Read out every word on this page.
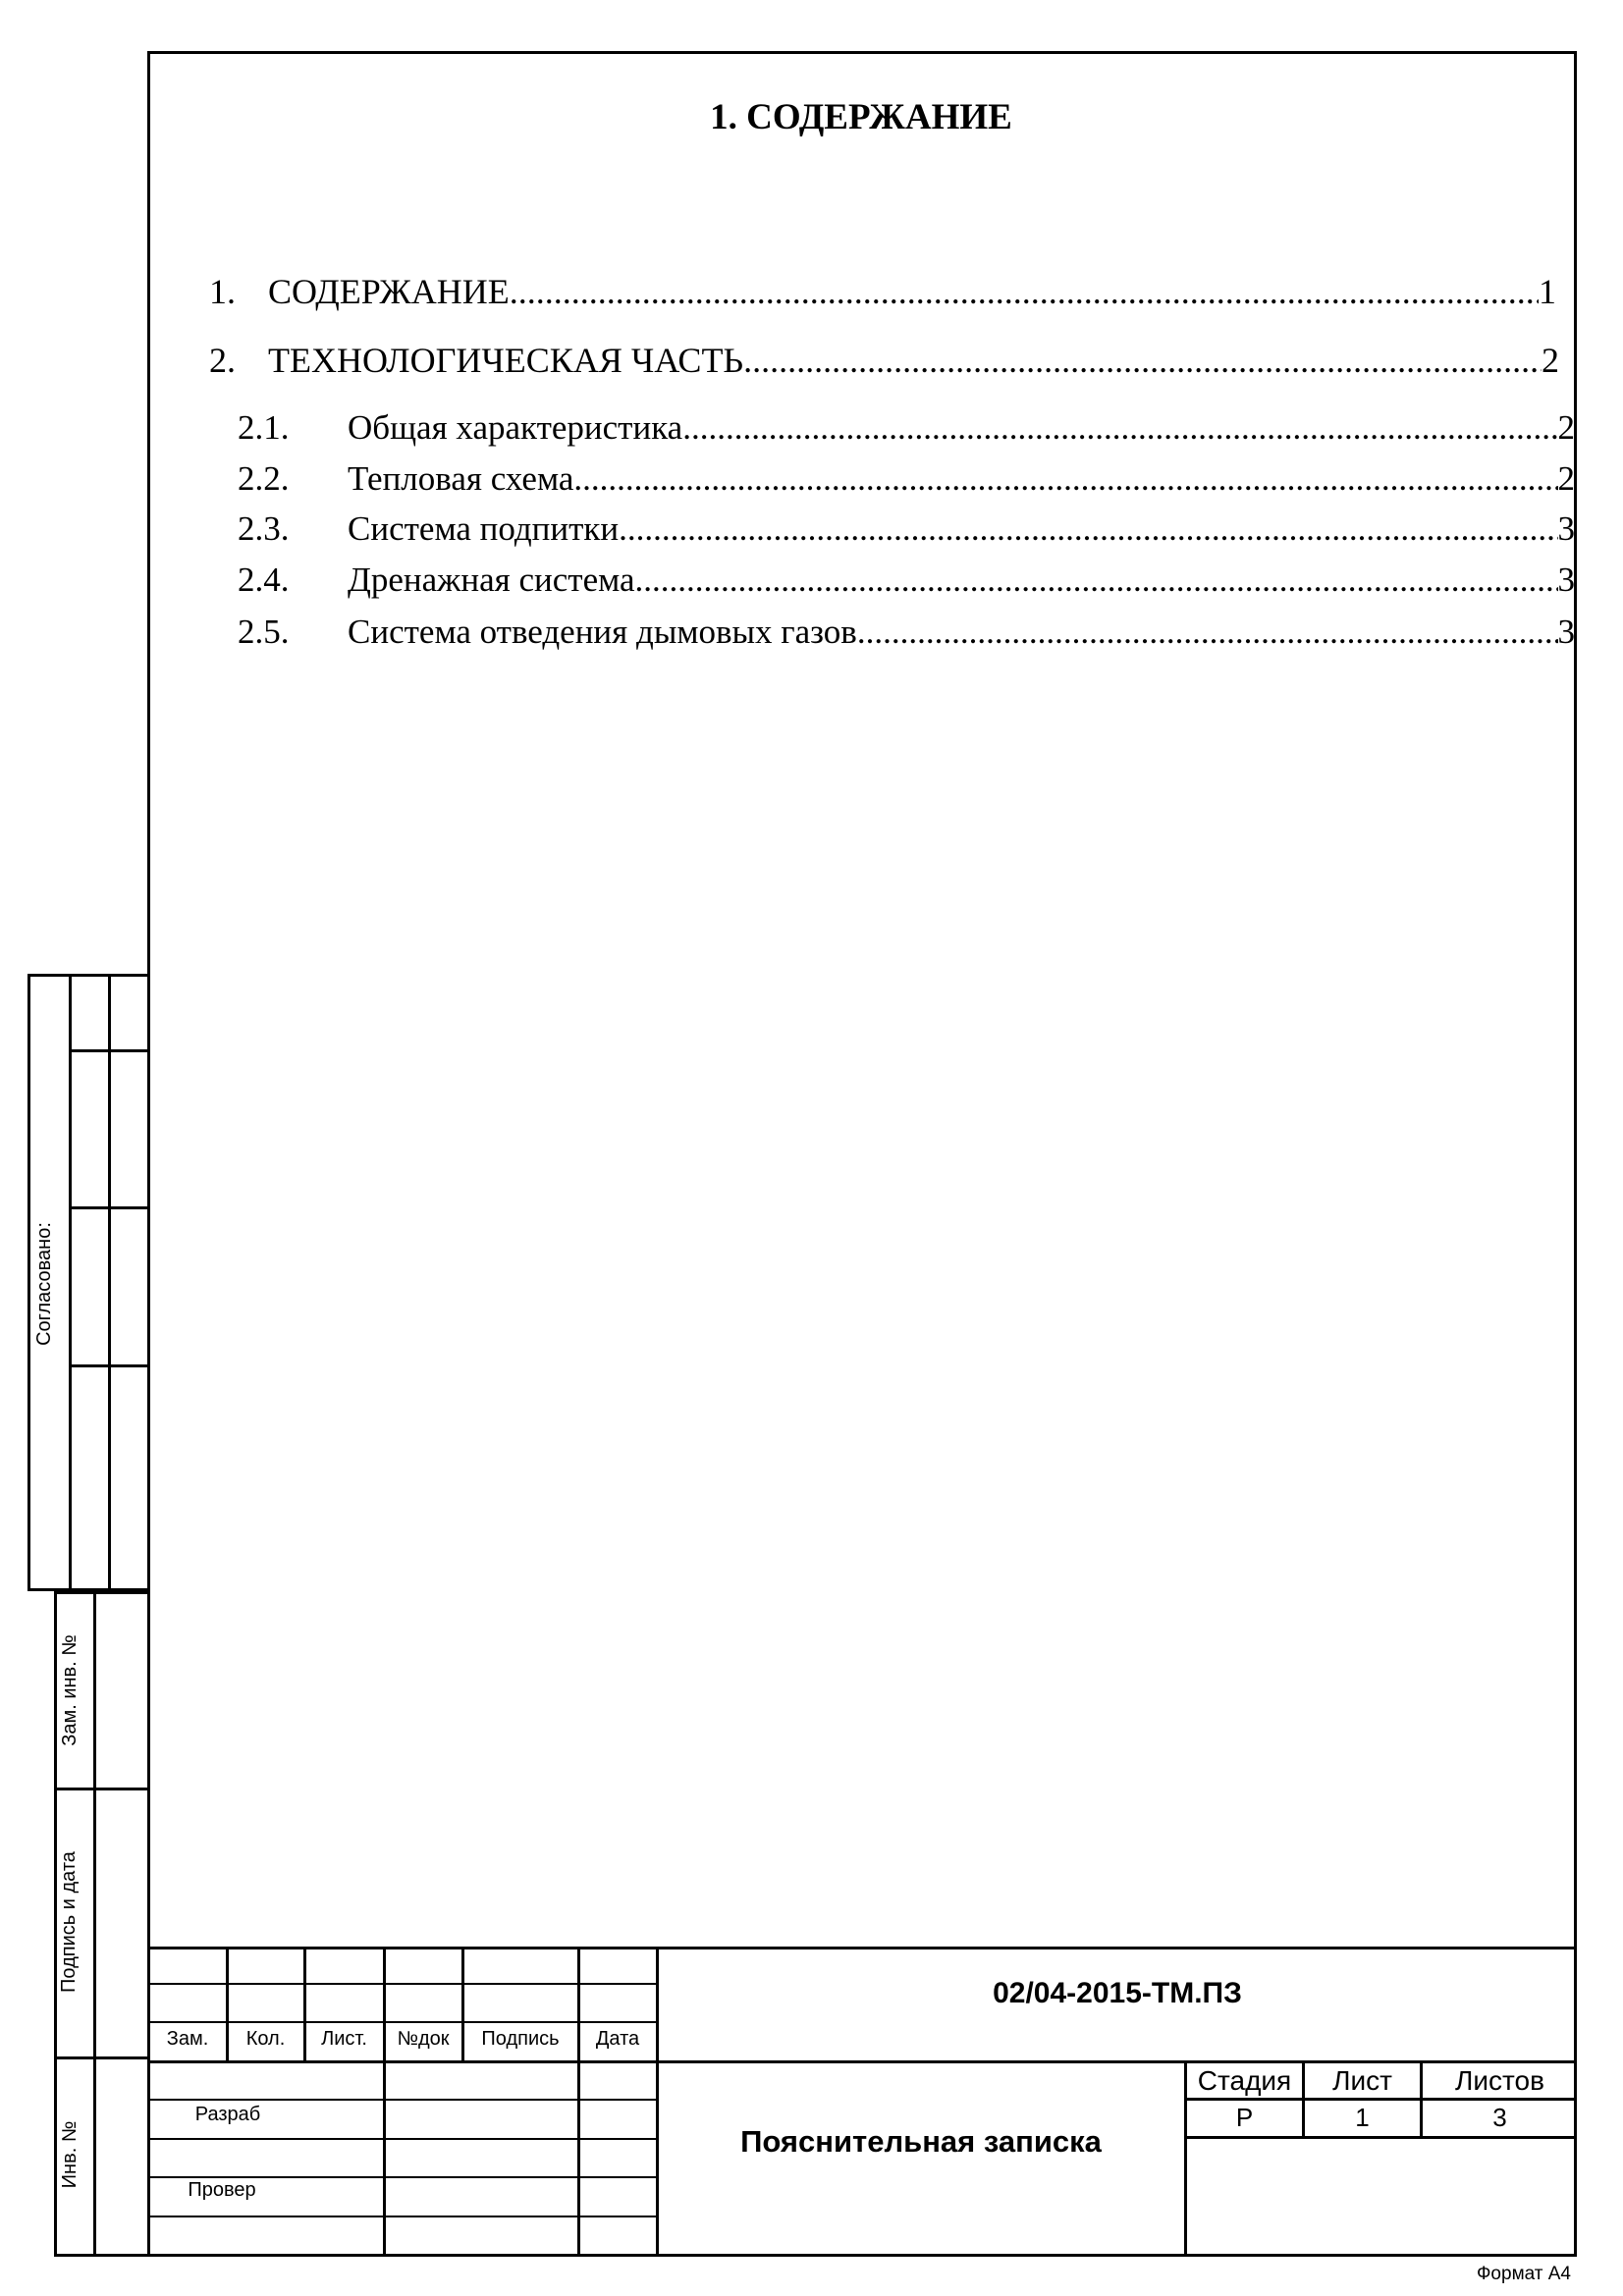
1. СОДЕРЖАНИЕ
1. СОДЕРЖАНИЕ .....	1
2. ТЕХНОЛОГИЧЕСКАЯ ЧАСТЬ .....	2
2.1.	Общая характеристика .....	2
2.2.	Тепловая схема .....	2
2.3.	Система подпитки .....	3
2.4.	Дренажная система .....	3
2.5.	Система отведения дымовых газов .....	3
Согласовано:
Зам. инв. №
Подпись и дата
Инв. №
Зам.	Кол.	Лист.	№док	Подпись	Дата
Разраб
Провер
02/04-2015-ТМ.ПЗ
Пояснительная записка
Стадия	Лист	Листов
Р	1	3
Формат А4
